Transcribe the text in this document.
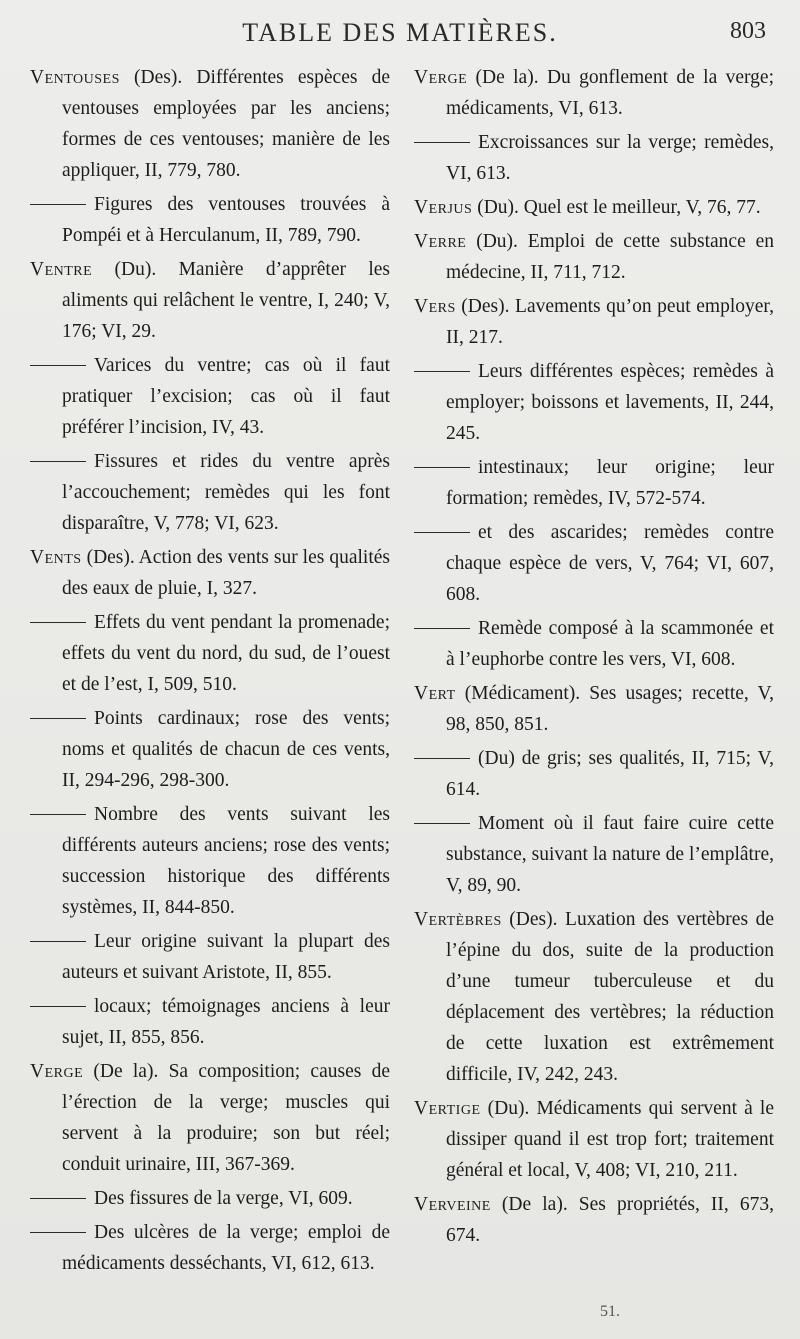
TABLE DES MATIÈRES.	803

Ventouses (Des). Différentes espèces de ventouses employées par les anciens; formes de ces ventouses; manière de les appliquer, II, 779, 780.

Figures des ventouses trouvées à Pompéi et à Herculanum, II, 789, 790.

Ventre (Du). Manière d’apprêter les aliments qui relâchent le ventre, I, 240; V, 176; VI, 29.

Varices du ventre; cas où il faut pratiquer l’excision; cas où il faut préférer l’incision, IV, 43.

Fissures et rides du ventre après l’accouchement; remèdes qui les font disparaître, V, 778; VI, 623.

Vents (Des). Action des vents sur les qualités des eaux de pluie, I, 327.

Effets du vent pendant la promenade; effets du vent du nord, du sud, de l’ouest et de l’est, I, 509, 510.

Points cardinaux; rose des vents; noms et qualités de chacun de ces vents, II, 294-296, 298-300.

Nombre des vents suivant les différents auteurs anciens; rose des vents; succession historique des différents systèmes, II, 844-850.

Leur origine suivant la plupart des auteurs et suivant Aristote, II, 855.

locaux; témoignages anciens à leur sujet, II, 855, 856.

Verge (De la). Sa composition; causes de l’érection de la verge; muscles qui servent à la produire; son but réel; conduit urinaire, III, 367-369.

Des fissures de la verge, VI, 609.

Des ulcères de la verge; emploi de médicaments desséchants, VI, 612, 613.

Verge (De la). Du gonflement de la verge; médicaments, VI, 613.

Excroissances sur la verge; remèdes, VI, 613.

Verjus (Du). Quel est le meilleur, V, 76, 77.

Verre (Du). Emploi de cette substance en médecine, II, 711, 712.

Vers (Des). Lavements qu’on peut employer, II, 217.

Leurs différentes espèces; remèdes à employer; boissons et lavements, II, 244, 245.

intestinaux; leur origine; leur formation; remèdes, IV, 572-574.

et des ascarides; remèdes contre chaque espèce de vers, V, 764; VI, 607, 608.

Remède composé à la scammonée et à l’euphorbe contre les vers, VI, 608.

Vert (Médicament). Ses usages; recette, V, 98, 850, 851.

(Du) de gris; ses qualités, II, 715; V, 614.

Moment où il faut faire cuire cette substance, suivant la nature de l’emplâtre, V, 89, 90.

Vertèbres (Des). Luxation des vertèbres de l’épine du dos, suite de la production d’une tumeur tuberculeuse et du déplacement des vertèbres; la réduction de cette luxation est extrêmement difficile, IV, 242, 243.

Vertige (Du). Médicaments qui servent à le dissiper quand il est trop fort; traitement général et local, V, 408; VI, 210, 211.

Verveine (De la). Ses propriétés, II, 673, 674.

51.
